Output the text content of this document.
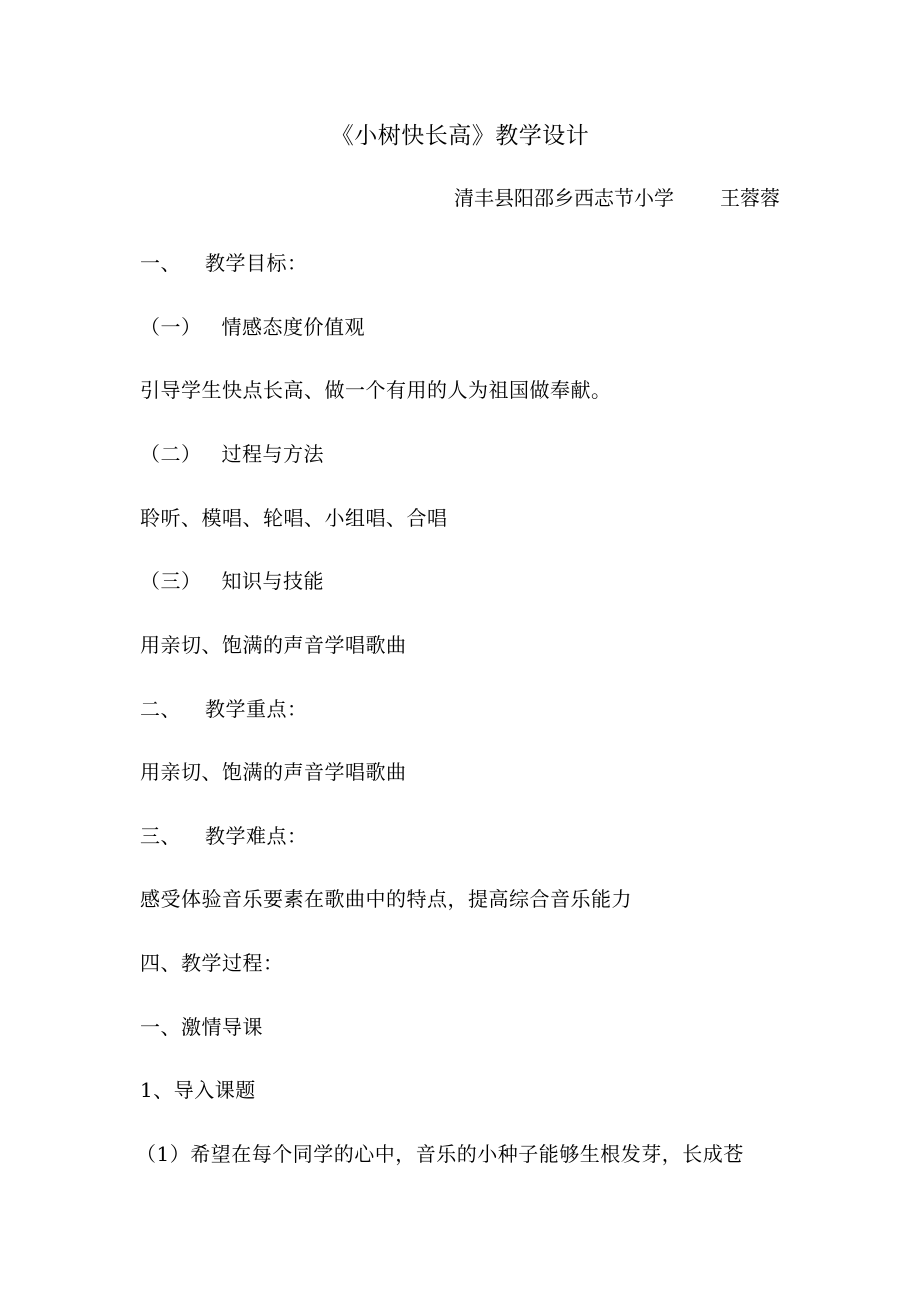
《小树快长高》教学设计
清丰县阳邵乡西志节小学 王蓉蓉
一、 教学目标：
（一） 情感态度价值观
引导学生快点长高、做一个有用的人为祖国做奉献。
（二） 过程与方法
聆听、模唱、轮唱、小组唱、合唱
（三） 知识与技能
用亲切、饱满的声音学唱歌曲
二、 教学重点：
用亲切、饱满的声音学唱歌曲
三、 教学难点：
感受体验音乐要素在歌曲中的特点，提高综合音乐能力
四、教学过程：
一、激情导课
1、导入课题
（1）希望在每个同学的心中，音乐的小种子能够生根发芽，长成苍
